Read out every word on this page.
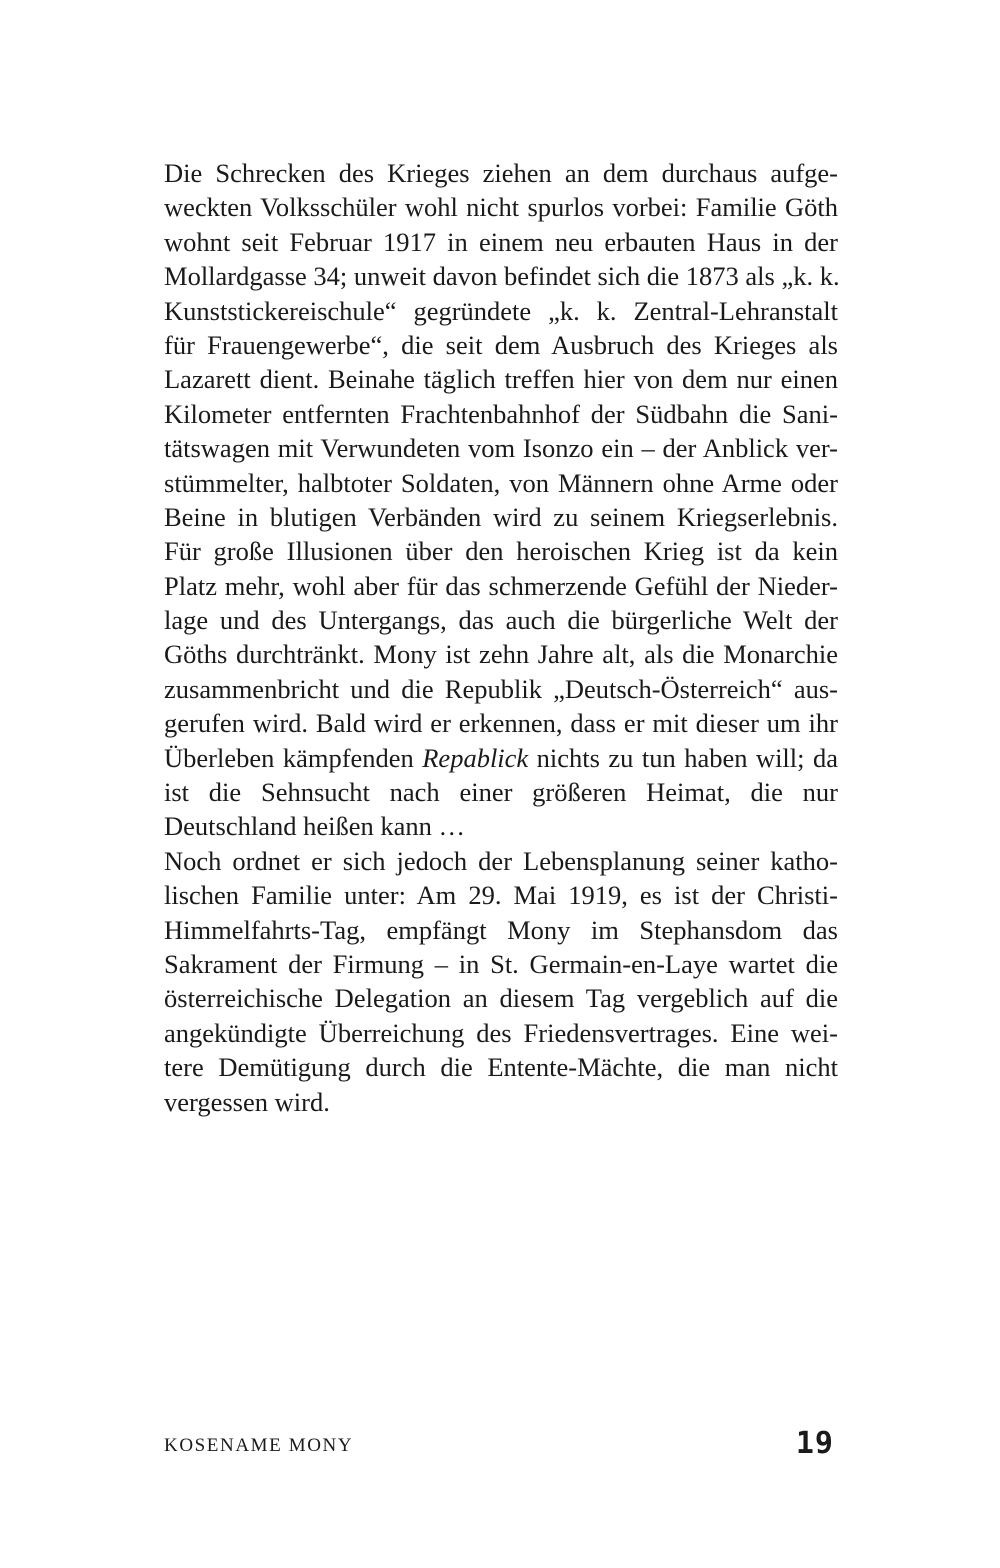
Die Schrecken des Krieges ziehen an dem durchaus aufge-
weckten Volksschüler wohl nicht spurlos vorbei: Familie Göth
wohnt seit Februar 1917 in einem neu erbauten Haus in der
Mollardgasse 34; unweit davon befindet sich die 1873 als „k. k.
Kunststickereischule“ gegründete „k. k. Zentral-Lehranstalt
für Frauengewerbe“, die seit dem Ausbruch des Krieges als
Lazarett dient. Beinahe täglich treffen hier von dem nur einen
Kilometer entfernten Frachtenbahnhof der Südbahn die Sani-
tätswagen mit Verwundeten vom Isonzo ein – der Anblick ver-
stümmelter, halbtoter Soldaten, von Männern ohne Arme oder
Beine in blutigen Verbänden wird zu seinem Kriegserlebnis.
Für große Illusionen über den heroischen Krieg ist da kein
Platz mehr, wohl aber für das schmerzende Gefühl der Nieder-
lage und des Untergangs, das auch die bürgerliche Welt der
Göths durchtränkt. Mony ist zehn Jahre alt, als die Monarchie
zusammenbricht und die Republik „Deutsch-Österreich“ aus-
gerufen wird. Bald wird er erkennen, dass er mit dieser um ihr
Überleben kämpfenden Repablick nichts zu tun haben will; da
ist die Sehnsucht nach einer größeren Heimat, die nur
Deutschland heißen kann …
Noch ordnet er sich jedoch der Lebensplanung seiner katho-
lischen Familie unter: Am 29. Mai 1919, es ist der Christi-
Himmelfahrts-Tag, empfängt Mony im Stephansdom das
Sakrament der Firmung – in St. Germain-en-Laye wartet die
österreichische Delegation an diesem Tag vergeblich auf die
angekündigte Überreichung des Friedensvertrages. Eine wei-
tere Demütigung durch die Entente-Mächte, die man nicht
vergessen wird.
KOSENAME MONY	19
